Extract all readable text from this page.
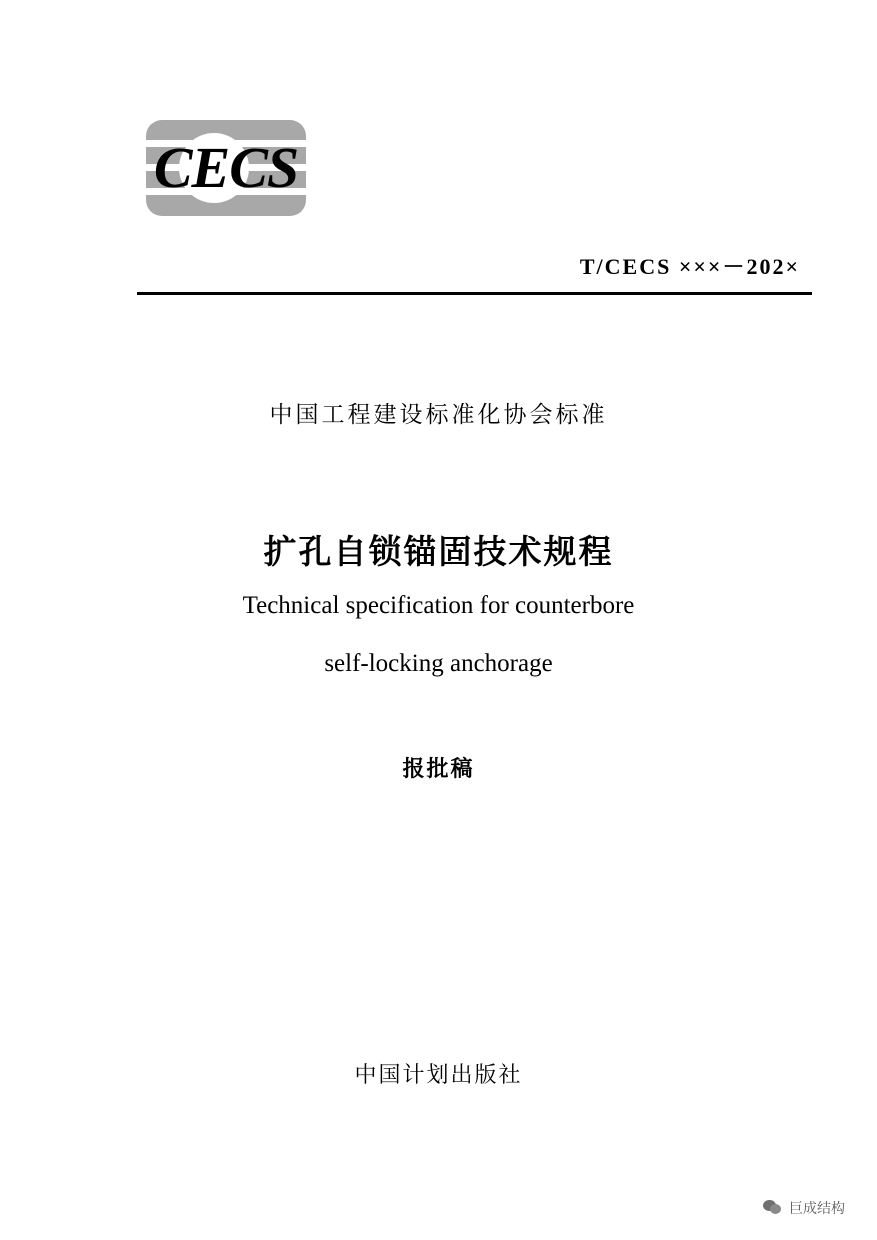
CECS
T/CECS ×××－202×
中国工程建设标准化协会标准
扩孔自锁锚固技术规程
Technical specification for counterbore
self-locking anchorage
报批稿
中国计划出版社
巨成结构
